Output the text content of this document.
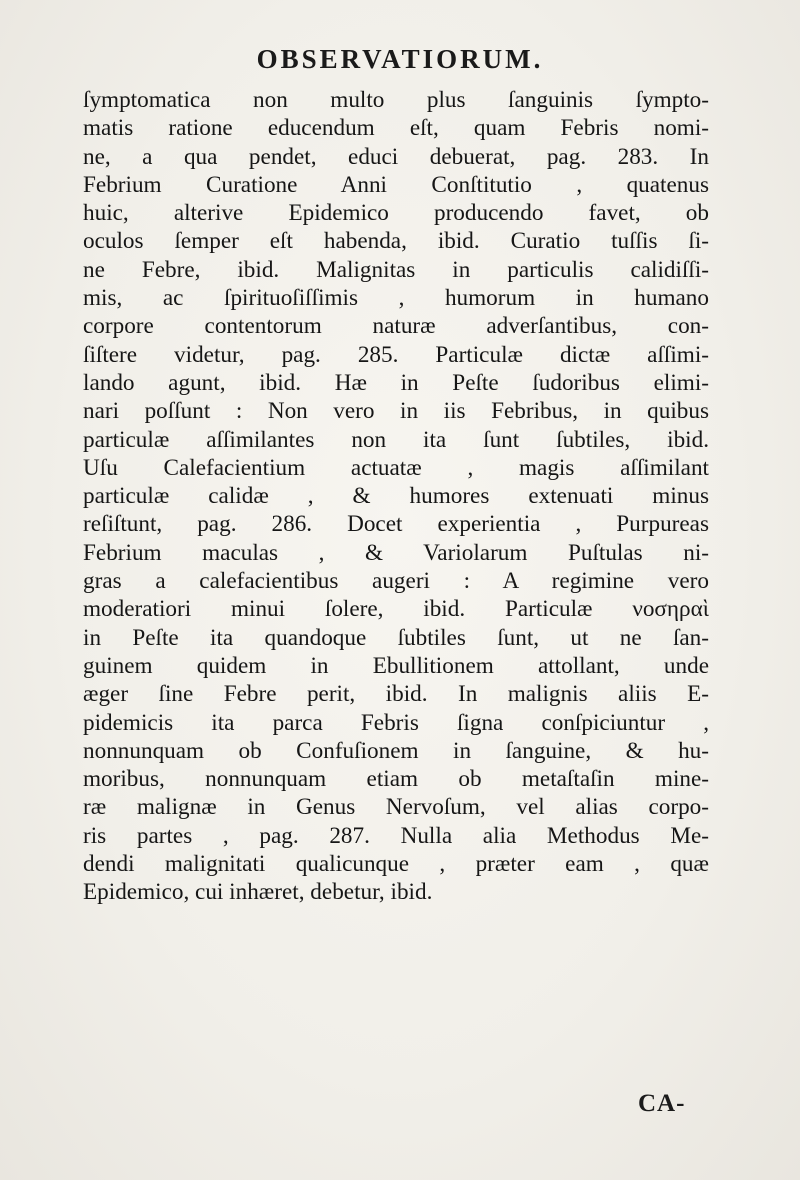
OBSERVATIORUM.
ſymptomatica non multo plus ſanguinis ſympto-
matis ratione educendum eſt, quam Febris nomi-
ne, a qua pendet, educi debuerat, pag. 283. In
Febrium Curatione Anni Conſtitutio , quatenus
huic, alterive Epidemico producendo favet, ob
oculos ſemper eſt habenda, ibid. Curatio tuſſis ſi-
ne Febre, ibid. Malignitas in particulis calidiſſi-
mis, ac ſpirituoſiſſimis , humorum in humano
corpore contentorum naturæ adverſantibus, con-
ſiſtere videtur, pag. 285. Particulæ dictæ aſſimi-
lando agunt, ibid. Hæ in Peſte ſudoribus elimi-
nari poſſunt : Non vero in iis Febribus, in quibus
particulæ aſſimilantes non ita ſunt ſubtiles, ibid.
Uſu Calefacientium actuatæ , magis aſſimilant
particulæ calidæ , & humores extenuati minus
reſiſtunt, pag. 286. Docet experientia , Purpureas
Febrium maculas , & Variolarum Puſtulas ni-
gras a calefacientibus augeri : A regimine vero
moderatiori minui ſolere, ibid. Particulæ νοσηραὶ
in Peſte ita quandoque ſubtiles ſunt, ut ne ſan-
guinem quidem in Ebullitionem attollant, unde
æger ſine Febre perit, ibid. In malignis aliis E-
pidemicis ita parca Febris ſigna conſpiciuntur ,
nonnunquam ob Confuſionem in ſanguine, & hu-
moribus, nonnunquam etiam ob metaſtaſin mine-
ræ malignæ in Genus Nervoſum, vel alias corpo-
ris partes , pag. 287. Nulla alia Methodus Me-
dendi malignitati qualicunque , præter eam , quæ
Epidemico, cui inhæret, debetur, ibid.
CA-
